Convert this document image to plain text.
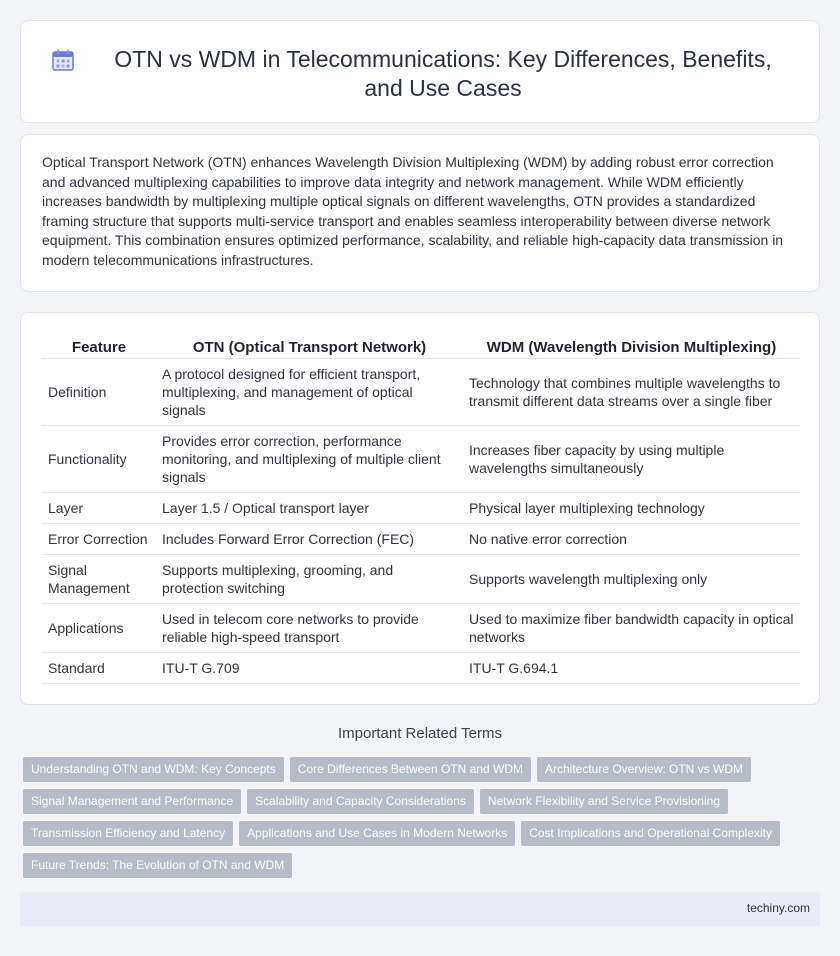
OTN vs WDM in Telecommunications: Key Differences, Benefits, and Use Cases

Optical Transport Network (OTN) enhances Wavelength Division Multiplexing (WDM) by adding robust error correction and advanced multiplexing capabilities to improve data integrity and network management. While WDM efficiently increases bandwidth by multiplexing multiple optical signals on different wavelengths, OTN provides a standardized framing structure that supports multi-service transport and enables seamless interoperability between diverse network equipment. This combination ensures optimized performance, scalability, and reliable high-capacity data transmission in modern telecommunications infrastructures.

Feature	OTN (Optical Transport Network)	WDM (Wavelength Division Multiplexing)
Definition	A protocol designed for efficient transport, multiplexing, and management of optical signals	Technology that combines multiple wavelengths to transmit different data streams over a single fiber
Functionality	Provides error correction, performance monitoring, and multiplexing of multiple client signals	Increases fiber capacity by using multiple wavelengths simultaneously
Layer	Layer 1.5 / Optical transport layer	Physical layer multiplexing technology
Error Correction	Includes Forward Error Correction (FEC)	No native error correction
Signal Management	Supports multiplexing, grooming, and protection switching	Supports wavelength multiplexing only
Applications	Used in telecom core networks to provide reliable high-speed transport	Used to maximize fiber bandwidth capacity in optical networks
Standard	ITU-T G.709	ITU-T G.694.1
Important Related Terms
Understanding OTN and WDM: Key Concepts Core Differences Between OTN and WDM Architecture Overview: OTN vs WDM
Signal Management and Performance Scalability and Capacity Considerations Network Flexibility and Service Provisioning
Transmission Efficiency and Latency Applications and Use Cases in Modern Networks Cost Implications and Operational Complexity
Future Trends: The Evolution of OTN and WDM
techiny.com
